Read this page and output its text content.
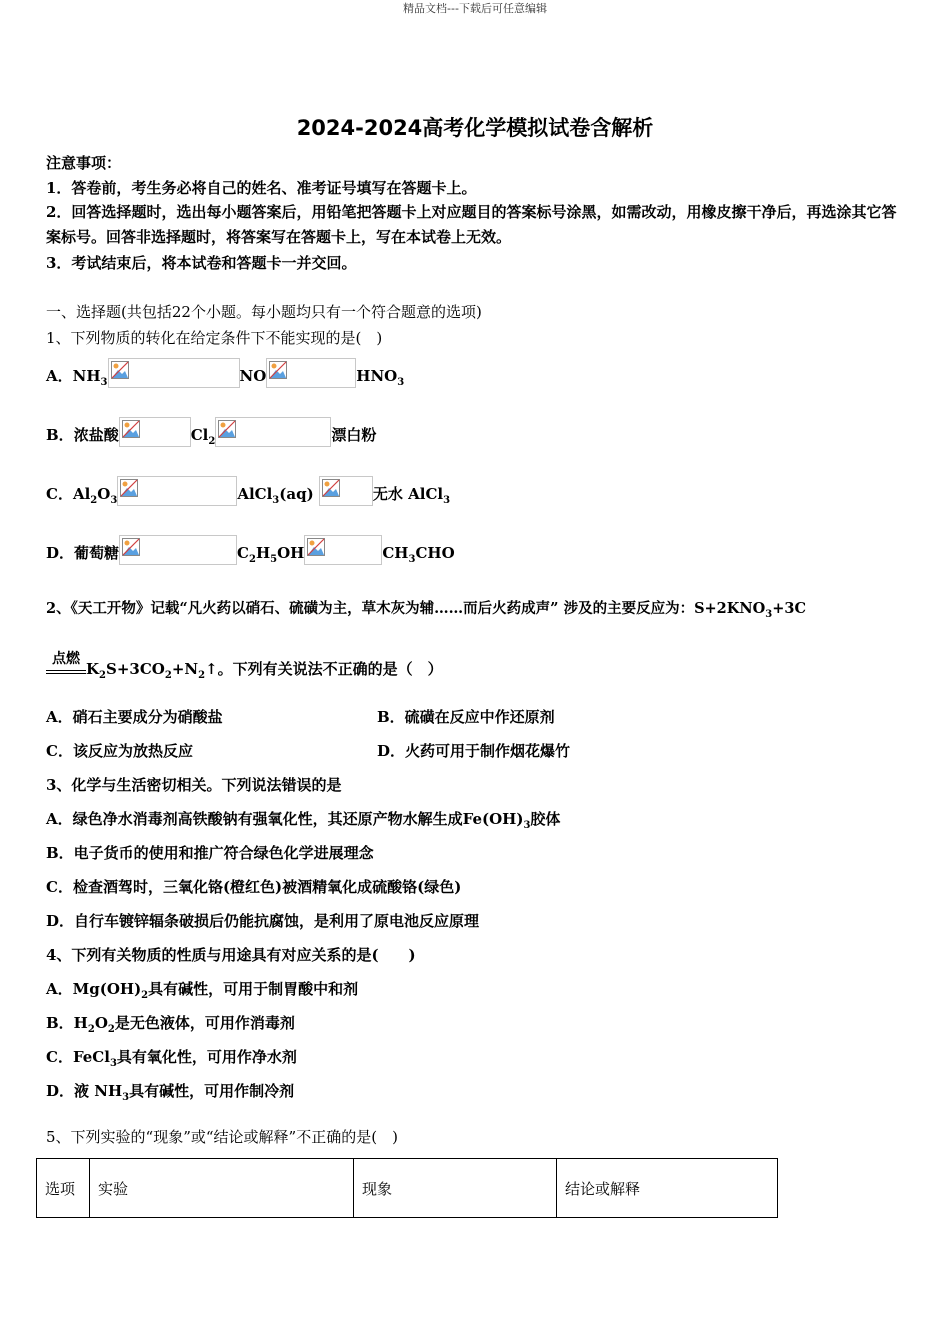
精品文档---下载后可任意编辑
2024-2024高考化学模拟试卷含解析
注意事项：
1．答卷前，考生务必将自己的姓名、准考证号填写在答题卡上。
2．回答选择题时，选出每小题答案后，用铅笔把答题卡上对应题目的答案标号涂黑，如需改动，用橡皮擦干净后，再选涂其它答案标号。回答非选择题时，将答案写在答题卡上，写在本试卷上无效。
3．考试结束后，将本试卷和答题卡一并交回。
一、选择题(共包括22个小题。每小题均只有一个符合题意的选项)
1、下列物质的转化在给定条件下不能实现的是(　)
A．$NH_3$	NO	$HNO_3$
B．浓盐酸	$Cl_2$	漂白粉
C．$Al_2O_3$	AlCl$_3$(aq)	无水 AlCl$_3$
D．葡萄糖	$C_2H_5OH$	$CH_3CHO$
2、《天工开物》记载“凡火药以硝石、硫磺为主，草木灰为辅……而后火药成声” 涉及的主要反应为：$S+2KNO_3+3C$
点燃
$K_2S+3CO_2+N_2↑$。下列有关说法不正确的是（　）
A．硝石主要成分为硝酸盐	B．硫磺在反应中作还原剂
C．该反应为放热反应	D．火药可用于制作烟花爆竹
3、化学与生活密切相关。下列说法错误的是
A．绿色净水消毒剂高铁酸钠有强氧化性，其还原产物水解生成$Fe(OH)_3$胶体
B．电子货币的使用和推广符合绿色化学进展理念
C．检查酒驾时，三氧化铬(橙红色)被酒精氧化成硫酸铬(绿色)
D．自行车镀锌辐条破损后仍能抗腐蚀，是利用了原电池反应原理
4、下列有关物质的性质与用途具有对应关系的是(　　)
A．$Mg(OH)_2$具有碱性，可用于制胃酸中和剂
B．$H_2O_2$是无色液体，可用作消毒剂
C．FeCl$_3$具有氧化性，可用作净水剂
D．液 $NH_3$具有碱性，可用作制冷剂
5、下列实验的“现象”或“结论或解释”不正确的是(　)
选项	实验	现象	结论或解释
